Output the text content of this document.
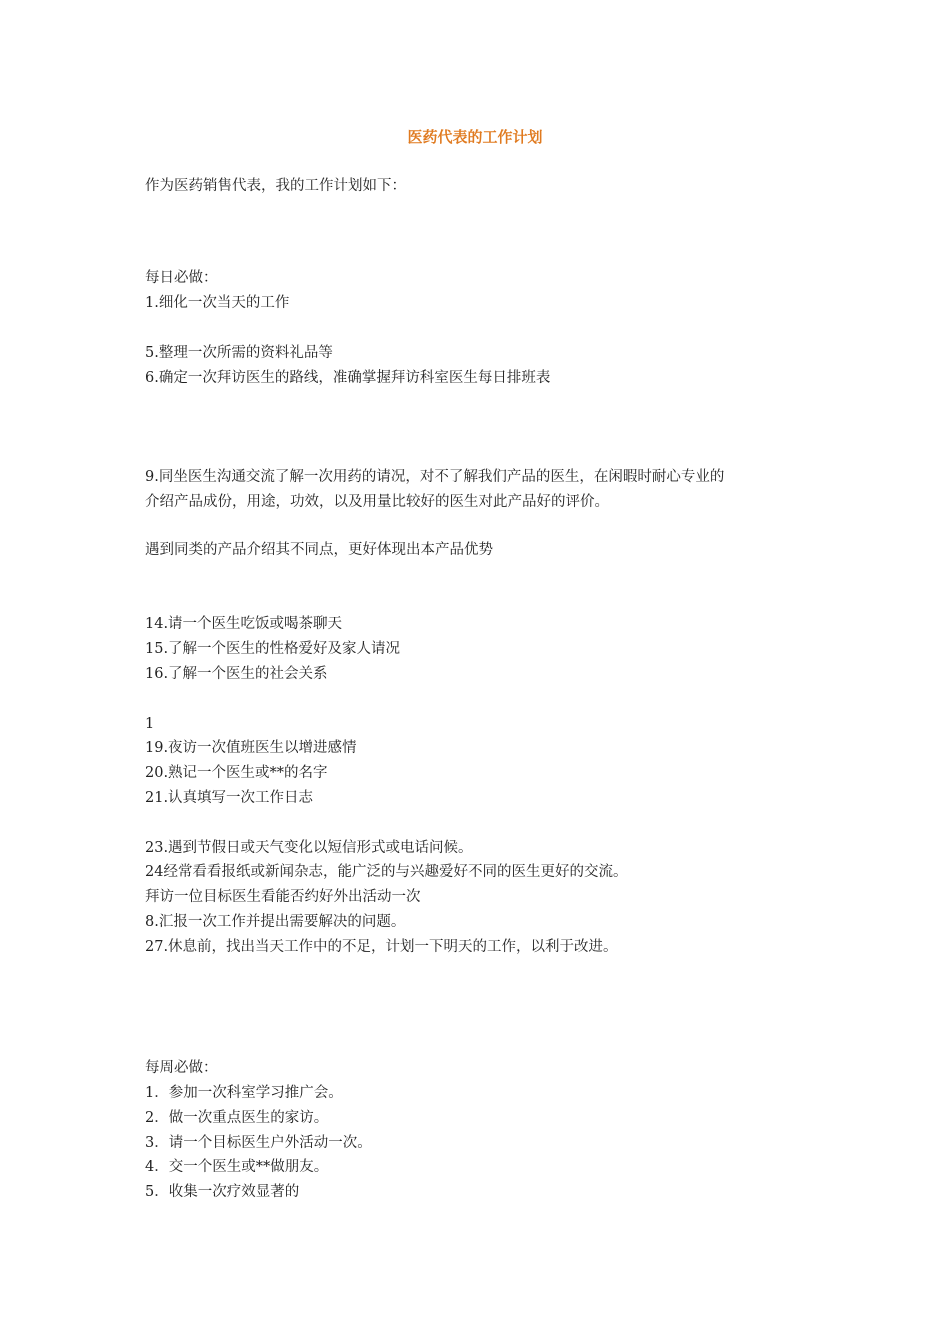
医药代表的工作计划
作为医药销售代表，我的工作计划如下：
每日必做：
1.细化一次当天的工作
5.整理一次所需的资料礼品等
6.确定一次拜访医生的路线，准确掌握拜访科室医生每日排班表
9.同坐医生沟通交流了解一次用药的请况，对不了解我们产品的医生，在闲暇时耐心专业的
介绍产品成份，用途，功效，以及用量比较好的医生对此产品好的评价。
遇到同类的产品介绍其不同点，更好体现出本产品优势
14.请一个医生吃饭或喝茶聊天
15.了解一个医生的性格爱好及家人请况
16.了解一个医生的社会关系
1
19.夜访一次值班医生以增进感情
20.熟记一个医生或**的名字
21.认真填写一次工作日志
23.遇到节假日或天气变化以短信形式或电话问候。
24经常看看报纸或新闻杂志，能广泛的与兴趣爱好不同的医生更好的交流。
拜访一位目标医生看能否约好外出活动一次
8.汇报一次工作并提出需要解决的问题。
27.休息前，找出当天工作中的不足，计划一下明天的工作，以利于改进。
每周必做：
1．参加一次科室学习推广会。
2．做一次重点医生的家访。
3．请一个目标医生户外活动一次。
4．交一个医生或**做朋友。
5．收集一次疗效显著的
